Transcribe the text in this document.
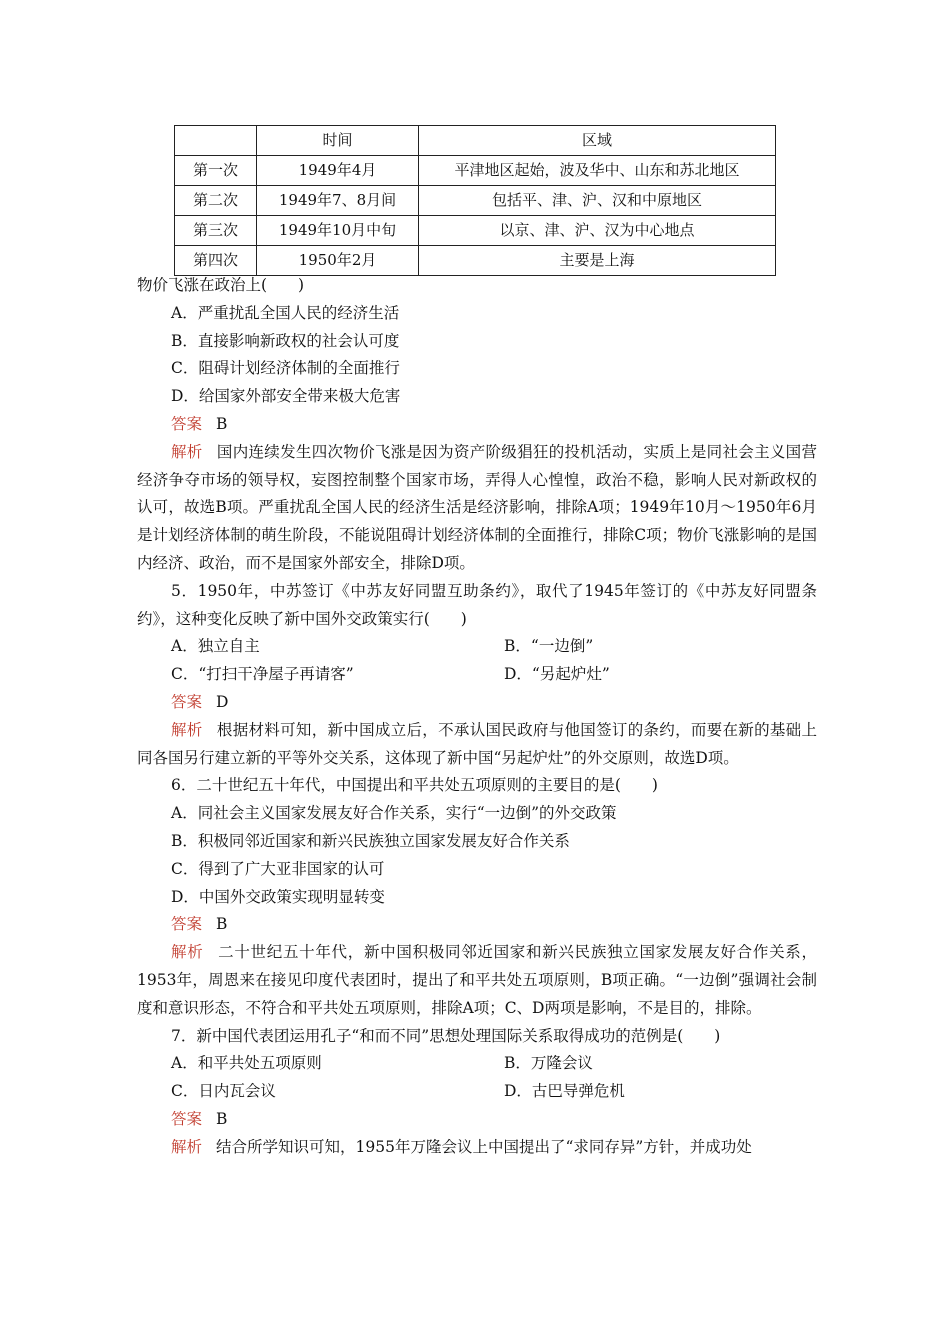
	时间	区域
第一次	1949年4月	平津地区起始，波及华中、山东和苏北地区
第二次	1949年7、8月间	包括平、津、沪、汉和中原地区
第三次	1949年10月中旬	以京、津、沪、汉为中心地点
第四次	1950年2月	主要是上海
物价飞涨在政治上(　　)
A．严重扰乱全国人民的经济生活
B．直接影响新政权的社会认可度
C．阻碍计划经济体制的全面推行
D．给国家外部安全带来极大危害
答案 B
解析 国内连续发生四次物价飞涨是因为资产阶级猖狂的投机活动，实质上是同社会主义国营经济争夺市场的领导权，妄图控制整个国家市场，弄得人心惶惶，政治不稳，影响人民对新政权的认可，故选B项。严重扰乱全国人民的经济生活是经济影响，排除A项；1949年10月～1950年6月是计划经济体制的萌生阶段，不能说阻碍计划经济体制的全面推行，排除C项；物价飞涨影响的是国内经济、政治，而不是国家外部安全，排除D项。
5．1950年，中苏签订《中苏友好同盟互助条约》，取代了1945年签订的《中苏友好同盟条约》，这种变化反映了新中国外交政策实行(　　)
A．独立自主	B．“一边倒”
C．“打扫干净屋子再请客”	D．“另起炉灶”
答案 D
解析 根据材料可知，新中国成立后，不承认国民政府与他国签订的条约，而要在新的基础上同各国另行建立新的平等外交关系，这体现了新中国“另起炉灶”的外交原则，故选D项。
6．二十世纪五十年代，中国提出和平共处五项原则的主要目的是(　　)
A．同社会主义国家发展友好合作关系，实行“一边倒”的外交政策
B．积极同邻近国家和新兴民族独立国家发展友好合作关系
C．得到了广大亚非国家的认可
D．中国外交政策实现明显转变
答案 B
解析 二十世纪五十年代，新中国积极同邻近国家和新兴民族独立国家发展友好合作关系，1953年，周恩来在接见印度代表团时，提出了和平共处五项原则，B项正确。“一边倒”强调社会制度和意识形态，不符合和平共处五项原则，排除A项；C、D两项是影响，不是目的，排除。
7．新中国代表团运用孔子“和而不同”思想处理国际关系取得成功的范例是(　　)
A．和平共处五项原则	B．万隆会议
C．日内瓦会议	D．古巴导弹危机
答案 B
解析 结合所学知识可知，1955年万隆会议上中国提出了“求同存异”方针，并成功处
